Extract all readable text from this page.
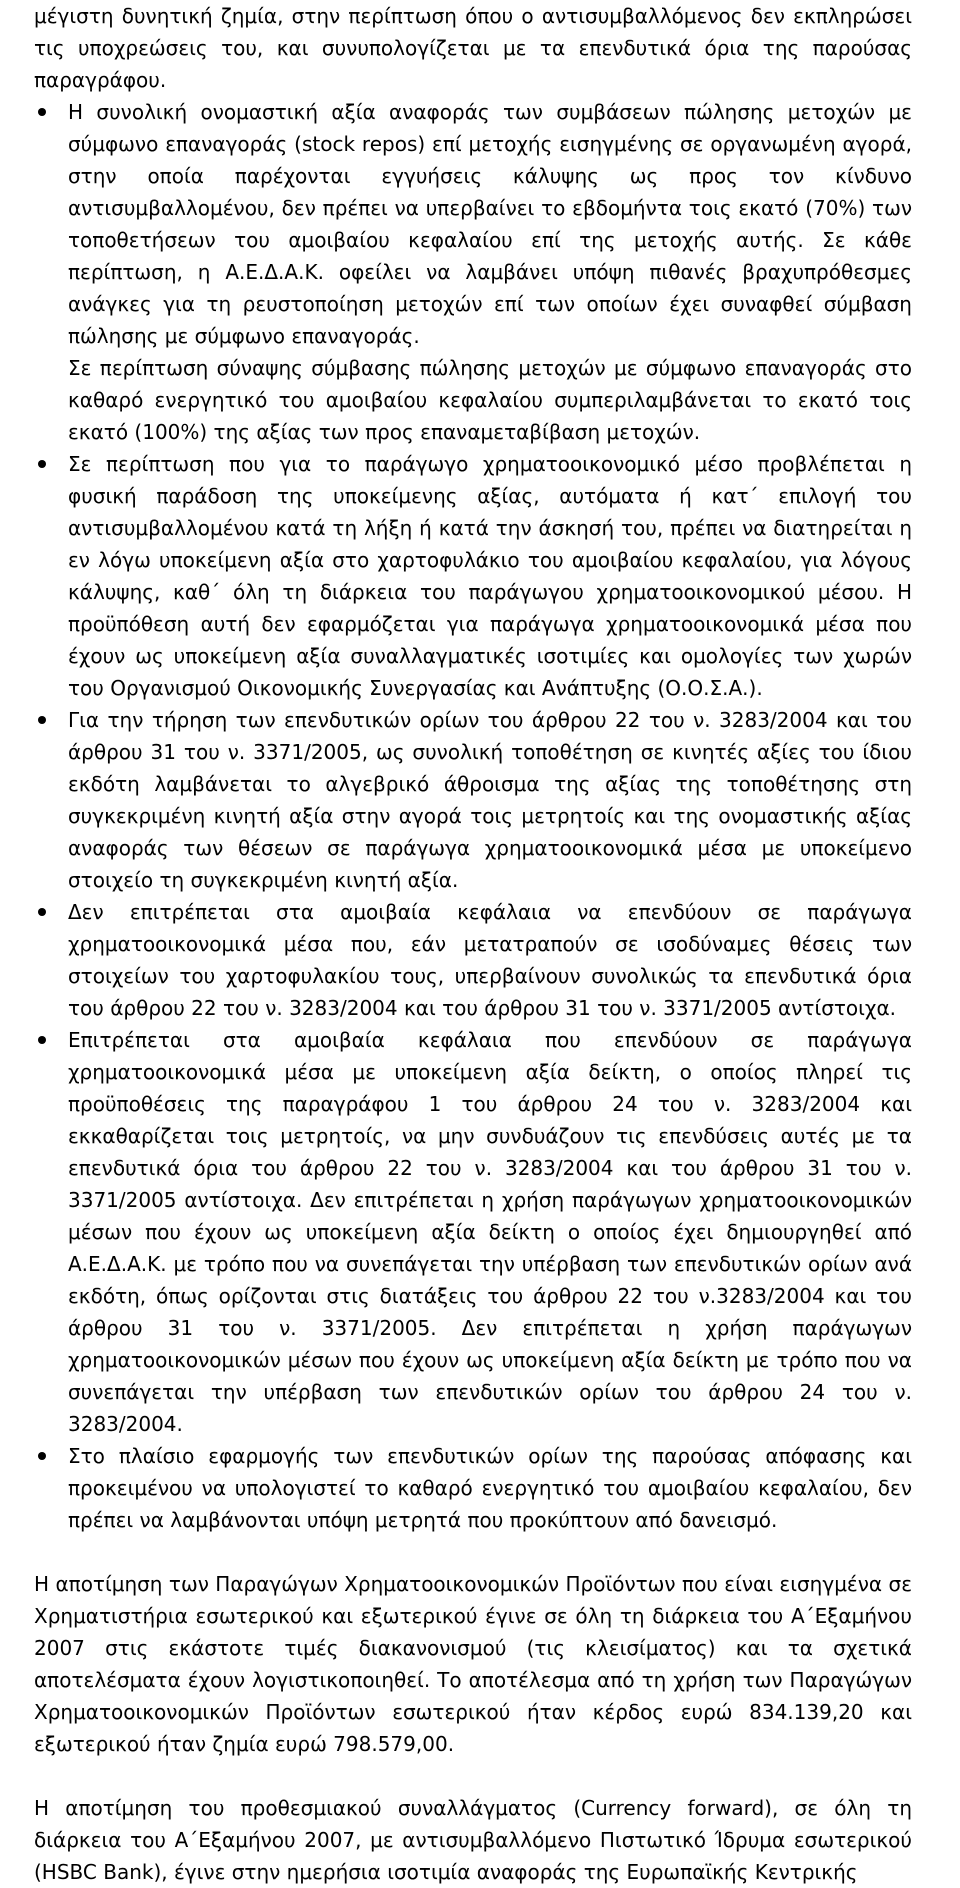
μέγιστη δυνητική ζημία, στην περίπτωση όπου ο αντισυμβαλλόμενος δεν εκπληρώσει τις υποχρεώσεις του, και συνυπολογίζεται με τα επενδυτικά όρια της παρούσας παραγράφου.

Η συνολική ονομαστική αξία αναφοράς των συμβάσεων πώλησης μετοχών με σύμφωνο επαναγοράς (stock repos) επί μετοχής εισηγμένης σε οργανωμένη αγορά, στην οποία παρέχονται εγγυήσεις κάλυψης ως προς τον κίνδυνο αντισυμβαλλομένου, δεν πρέπει να υπερβαίνει το εβδομήντα τοις εκατό (70%) των τοποθετήσεων του αμοιβαίου κεφαλαίου επί της μετοχής αυτής. Σε κάθε περίπτωση, η Α.Ε.Δ.Α.Κ. οφείλει να λαμβάνει υπόψη πιθανές βραχυπρόθεσμες ανάγκες για τη ρευστοποίηση μετοχών επί των οποίων έχει συναφθεί σύμβαση πώλησης με σύμφωνο επαναγοράς.

Σε περίπτωση σύναψης σύμβασης πώλησης μετοχών με σύμφωνο επαναγοράς στο καθαρό ενεργητικό του αμοιβαίου κεφαλαίου συμπεριλαμβάνεται το εκατό τοις εκατό (100%) της αξίας των προς επαναμεταβίβαση μετοχών.

Σε περίπτωση που για το παράγωγο χρηματοοικονομικό μέσο προβλέπεται η φυσική παράδοση της υποκείμενης αξίας, αυτόματα ή κατ΄ επιλογή του αντισυμβαλλομένου κατά τη λήξη ή κατά την άσκησή του, πρέπει να διατηρείται η εν λόγω υποκείμενη αξία στο χαρτοφυλάκιο του αμοιβαίου κεφαλαίου, για λόγους κάλυψης, καθ΄ όλη τη διάρκεια του παράγωγου χρηματοοικονομικού μέσου. Η προϋπόθεση αυτή δεν εφαρμόζεται για παράγωγα χρηματοοικονομικά μέσα που έχουν ως υποκείμενη αξία συναλλαγματικές ισοτιμίες και ομολογίες των χωρών του Οργανισμού Οικονομικής Συνεργασίας και Ανάπτυξης (Ο.Ο.Σ.Α.).

Για την τήρηση των επενδυτικών ορίων του άρθρου 22 του ν. 3283/2004 και του άρθρου 31 του ν. 3371/2005, ως συνολική τοποθέτηση σε κινητές αξίες του ίδιου εκδότη λαμβάνεται το αλγεβρικό άθροισμα της αξίας της τοποθέτησης στη συγκεκριμένη κινητή αξία στην αγορά τοις μετρητοίς και της ονομαστικής αξίας αναφοράς των θέσεων σε παράγωγα χρηματοοικονομικά μέσα με υποκείμενο στοιχείο τη συγκεκριμένη κινητή αξία.

Δεν επιτρέπεται στα αμοιβαία κεφάλαια να επενδύουν σε παράγωγα χρηματοοικονομικά μέσα που, εάν μετατραπούν σε ισοδύναμες θέσεις των στοιχείων του χαρτοφυλακίου τους, υπερβαίνουν συνολικώς τα επενδυτικά όρια του άρθρου 22 του ν. 3283/2004 και του άρθρου 31 του ν. 3371/2005 αντίστοιχα.

Επιτρέπεται στα αμοιβαία κεφάλαια που επενδύουν σε παράγωγα χρηματοοικονομικά μέσα με υποκείμενη αξία δείκτη, ο οποίος πληρεί τις προϋποθέσεις της παραγράφου 1 του άρθρου 24 του ν. 3283/2004 και εκκαθαρίζεται τοις μετρητοίς, να μην συνδυάζουν τις επενδύσεις αυτές με τα επενδυτικά όρια του άρθρου 22 του ν. 3283/2004 και του άρθρου 31 του ν. 3371/2005 αντίστοιχα. Δεν επιτρέπεται η χρήση παράγωγων χρηματοοικονομικών μέσων που έχουν ως υποκείμενη αξία δείκτη ο οποίος έχει δημιουργηθεί από Α.Ε.Δ.Α.Κ. με τρόπο που να συνεπάγεται την υπέρβαση των επενδυτικών ορίων ανά εκδότη, όπως ορίζονται στις διατάξεις του άρθρου 22 του ν.3283/2004 και του άρθρου 31 του ν. 3371/2005. Δεν επιτρέπεται η χρήση παράγωγων χρηματοοικονομικών μέσων που έχουν ως υποκείμενη αξία δείκτη με τρόπο που να συνεπάγεται την υπέρβαση των επενδυτικών ορίων του άρθρου 24 του ν. 3283/2004.

Στο πλαίσιο εφαρμογής των επενδυτικών ορίων της παρούσας απόφασης και προκειμένου να υπολογιστεί το καθαρό ενεργητικό του αμοιβαίου κεφαλαίου, δεν πρέπει να λαμβάνονται υπόψη μετρητά που προκύπτουν από δανεισμό.

Η αποτίμηση των Παραγώγων Χρηματοοικονομικών Προϊόντων που είναι εισηγμένα σε Χρηματιστήρια εσωτερικού και εξωτερικού έγινε σε όλη τη διάρκεια του Α΄Εξαμήνου 2007 στις εκάστοτε τιμές διακανονισμού (τις κλεισίματος) και τα σχετικά αποτελέσματα έχουν λογιστικοποιηθεί. Το αποτέλεσμα από τη χρήση των Παραγώγων Χρηματοοικονομικών Προϊόντων εσωτερικού ήταν κέρδος ευρώ 834.139,20 και εξωτερικού ήταν ζημία ευρώ 798.579,00.

Η αποτίμηση του προθεσμιακού συναλλάγματος (Currency forward), σε όλη τη διάρκεια του Α΄Εξαμήνου 2007, με αντισυμβαλλόμενο Πιστωτικό Ίδρυμα εσωτερικού (HSBC Bank), έγινε στην ημερήσια ισοτιμία αναφοράς της Ευρωπαϊκής Κεντρικής
